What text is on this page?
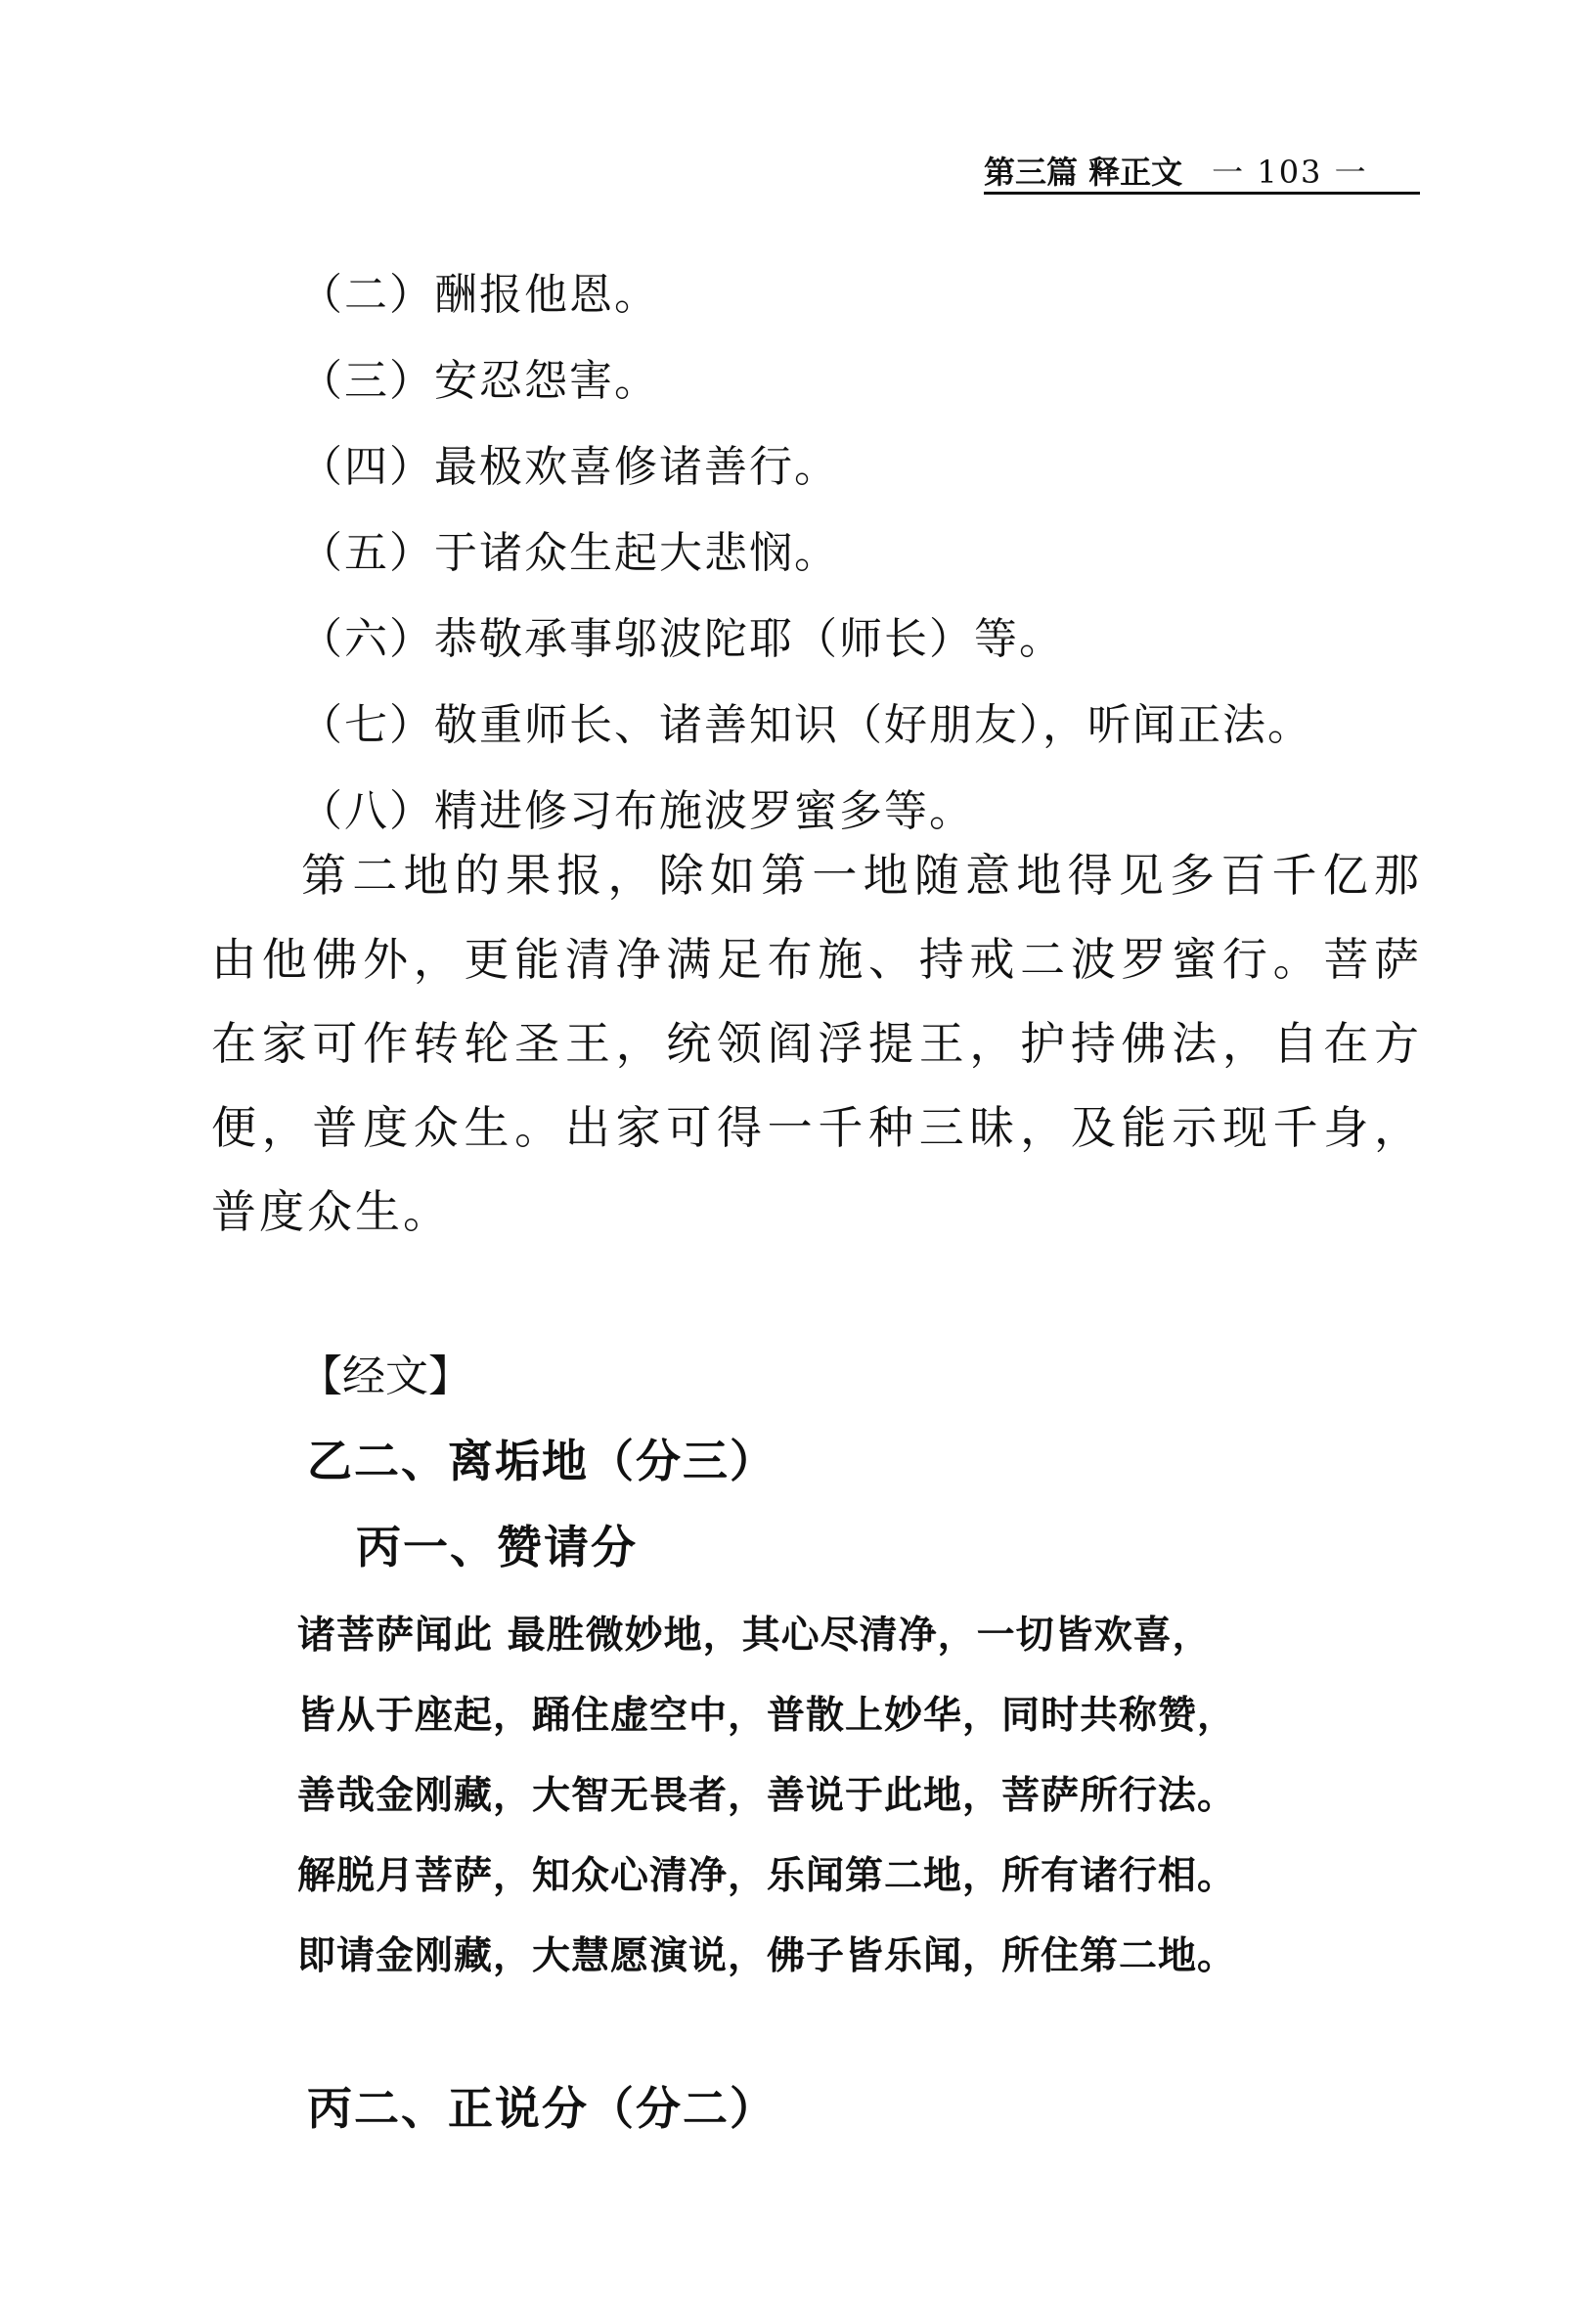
第三篇 释正文 一 103 一
（二）酬报他恩。
（三）安忍怨害。
（四）最极欢喜修诸善行。
（五）于诸众生起大悲悯。
（六）恭敬承事邬波陀耶（师长）等。
（七）敬重师长、诸善知识（好朋友），听闻正法。
（八）精进修习布施波罗蜜多等。
第二地的果报，除如第一地随意地得见多百千亿那
由他佛外，更能清净满足布施、持戒二波罗蜜行。菩萨
在家可作转轮圣王，统领阎浮提王，护持佛法，自在方
便，普度众生。出家可得一千种三昧，及能示现千身，
普度众生。
【经文】
乙二、离垢地（分三）
丙一、赞请分
诸菩萨闻此 最胜微妙地，其心尽清净，一切皆欢喜，
皆从于座起，踊住虚空中，普散上妙华，同时共称赞，
善哉金刚藏，大智无畏者，善说于此地，菩萨所行法。
解脱月菩萨，知众心清净，乐闻第二地，所有诸行相。
即请金刚藏，大慧愿演说，佛子皆乐闻，所住第二地。
丙二、正说分（分二）
